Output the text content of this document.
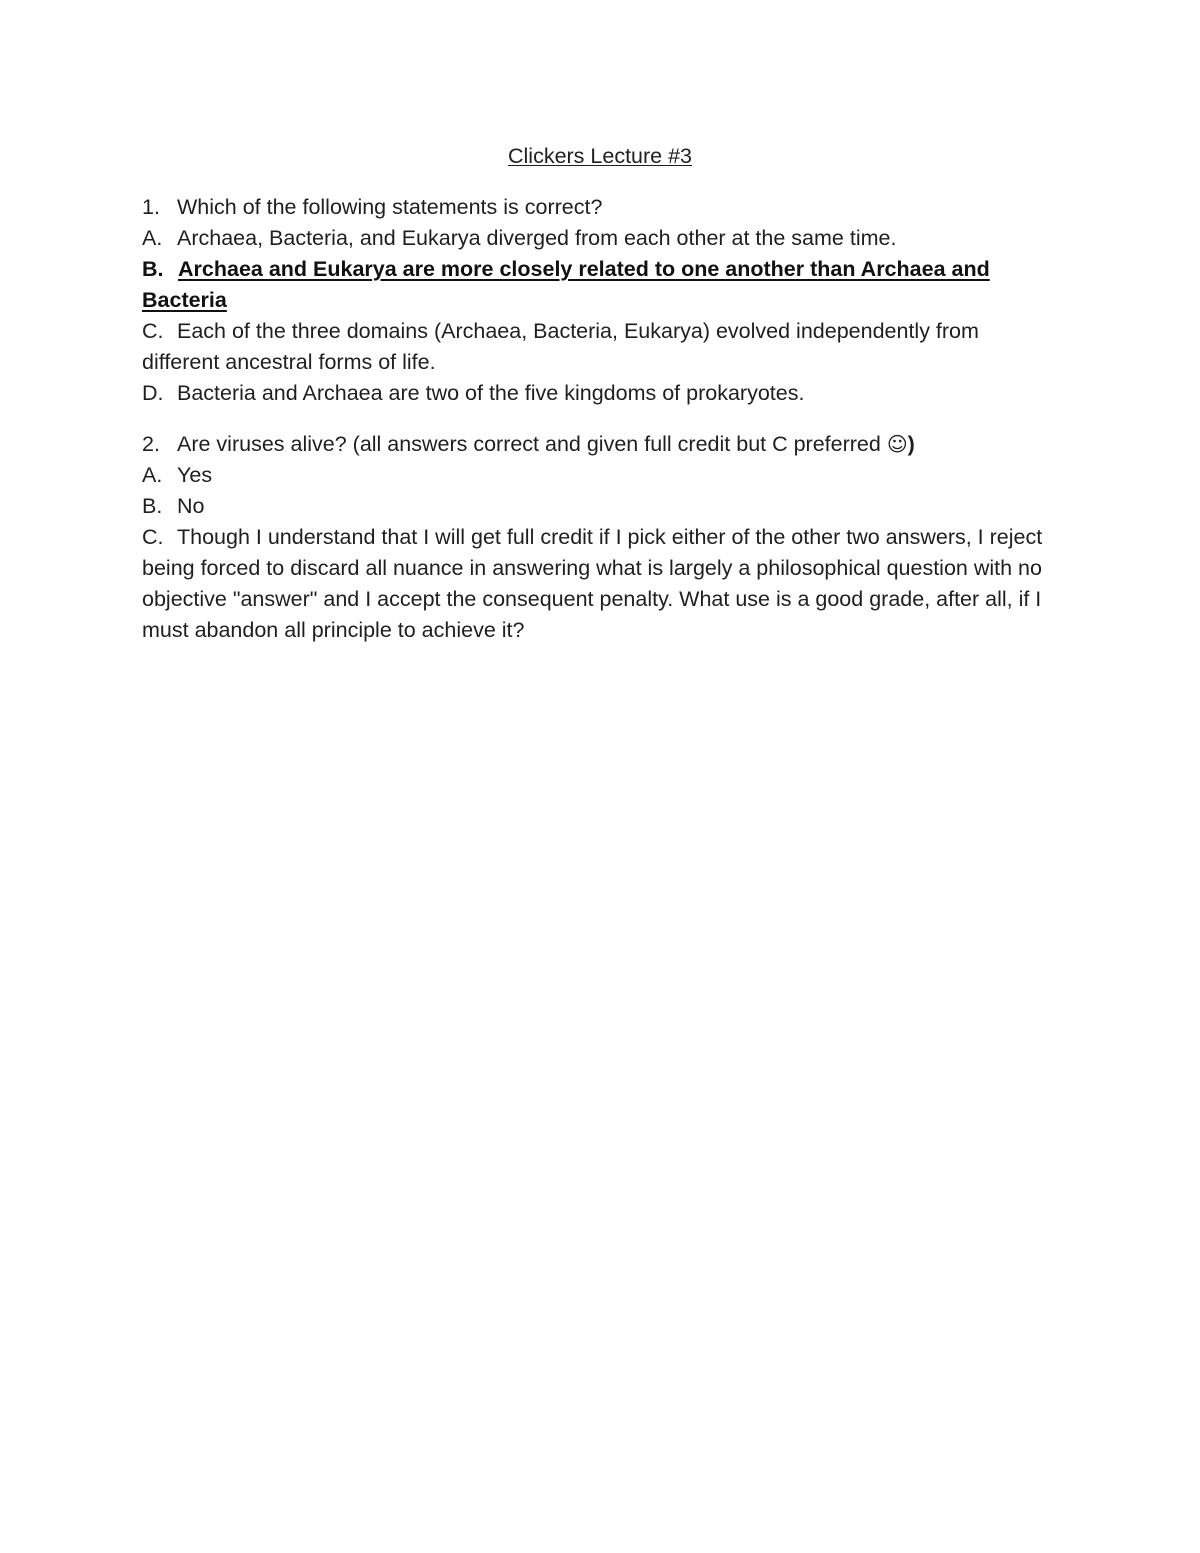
Clickers Lecture #3
1. Which of the following statements is correct?
A. Archaea, Bacteria, and Eukarya diverged from each other at the same time.
B. Archaea and Eukarya are more closely related to one another than Archaea and Bacteria
C. Each of the three domains (Archaea, Bacteria, Eukarya) evolved independently from different ancestral forms of life.
D. Bacteria and Archaea are two of the five kingdoms of prokaryotes.
2. Are viruses alive? (all answers correct and given full credit but C preferred ☺)
A. Yes
B. No
C. Though I understand that I will get full credit if I pick either of the other two answers, I reject being forced to discard all nuance in answering what is largely a philosophical question with no objective "answer" and I accept the consequent penalty. What use is a good grade, after all, if I must abandon all principle to achieve it?
